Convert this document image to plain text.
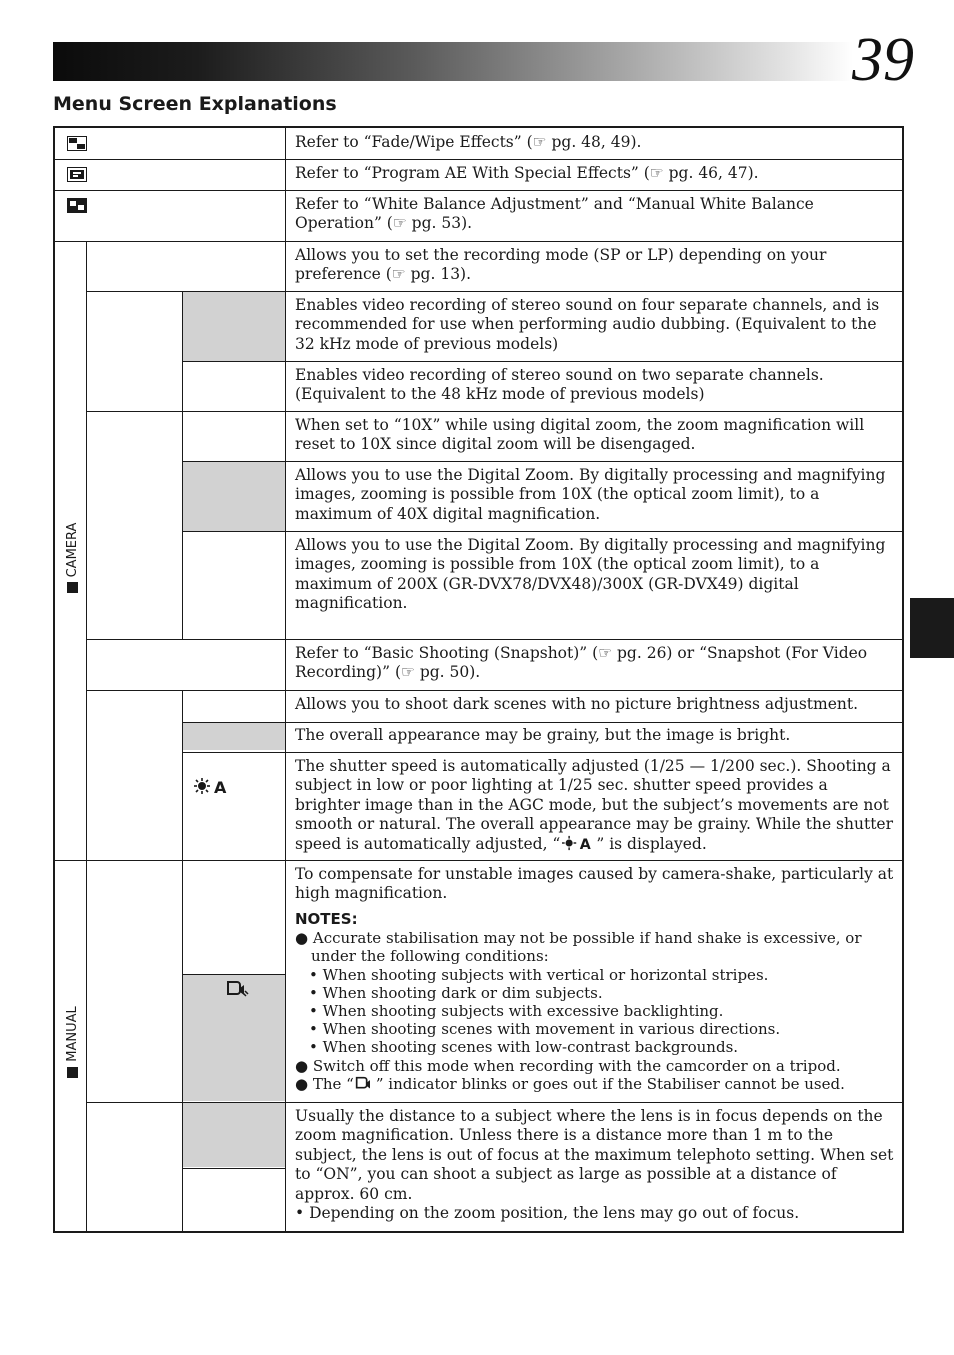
39
Menu Screen Explanations
CAMERA
MANUAL
A
Refer to “Fade/Wipe Effects” (☞ pg. 48, 49).
Refer to “Program AE With Special Effects” (☞ pg. 46, 47).
Refer to “White Balance Adjustment” and “Manual White Balance Operation” (☞ pg. 53).
Allows you to set the recording mode (SP or LP) depending on your preference (☞ pg. 13).
Enables video recording of stereo sound on four separate channels, and is recommended for use when performing audio dubbing. (Equivalent to the 32 kHz mode of previous models)
Enables video recording of stereo sound on two separate channels. (Equivalent to the 48 kHz mode of previous models)
When set to “10X” while using digital zoom, the zoom magnification will reset to 10X since digital zoom will be disengaged.
Allows you to use the Digital Zoom. By digitally processing and magnifying images, zooming is possible from 10X (the optical zoom limit), to a maximum of 40X digital magnification.
Allows you to use the Digital Zoom. By digitally processing and magnifying images, zooming is possible from 10X (the optical zoom limit), to a maximum of 200X (GR-DVX78/DVX48)/300X (GR-DVX49) digital magnification.
Refer to “Basic Shooting (Snapshot)” (☞ pg. 26) or “Snapshot (For Video Recording)” (☞ pg. 50).
Allows you to shoot dark scenes with no picture brightness adjustment.
The overall appearance may be grainy, but the image is bright.
The shutter speed is automatically adjusted (1/25 — 1/200 sec.). Shooting a subject in low or poor lighting at 1/25 sec. shutter speed provides a brighter image than in the AGC mode, but the subject’s movements are not smooth or natural. The overall appearance may be grainy. While the shutter speed is automatically adjusted, “ A ” is displayed.
To compensate for unstable images caused by camera-shake, particularly at high magnification.
NOTES:
● Accurate stabilisation may not be possible if hand shake is excessive, or under the following conditions:
• When shooting subjects with vertical or horizontal stripes.
• When shooting dark or dim subjects.
• When shooting subjects with excessive backlighting.
• When shooting scenes with movement in various directions.
• When shooting scenes with low-contrast backgrounds.
● Switch off this mode when recording with the camcorder on a tripod.
● The “ ” indicator blinks or goes out if the Stabiliser cannot be used.
Usually the distance to a subject where the lens is in focus depends on the zoom magnification. Unless there is a distance more than 1 m to the subject, the lens is out of focus at the maximum telephoto setting. When set to “ON”, you can shoot a subject as large as possible at a distance of approx. 60 cm.
• Depending on the zoom position, the lens may go out of focus.
